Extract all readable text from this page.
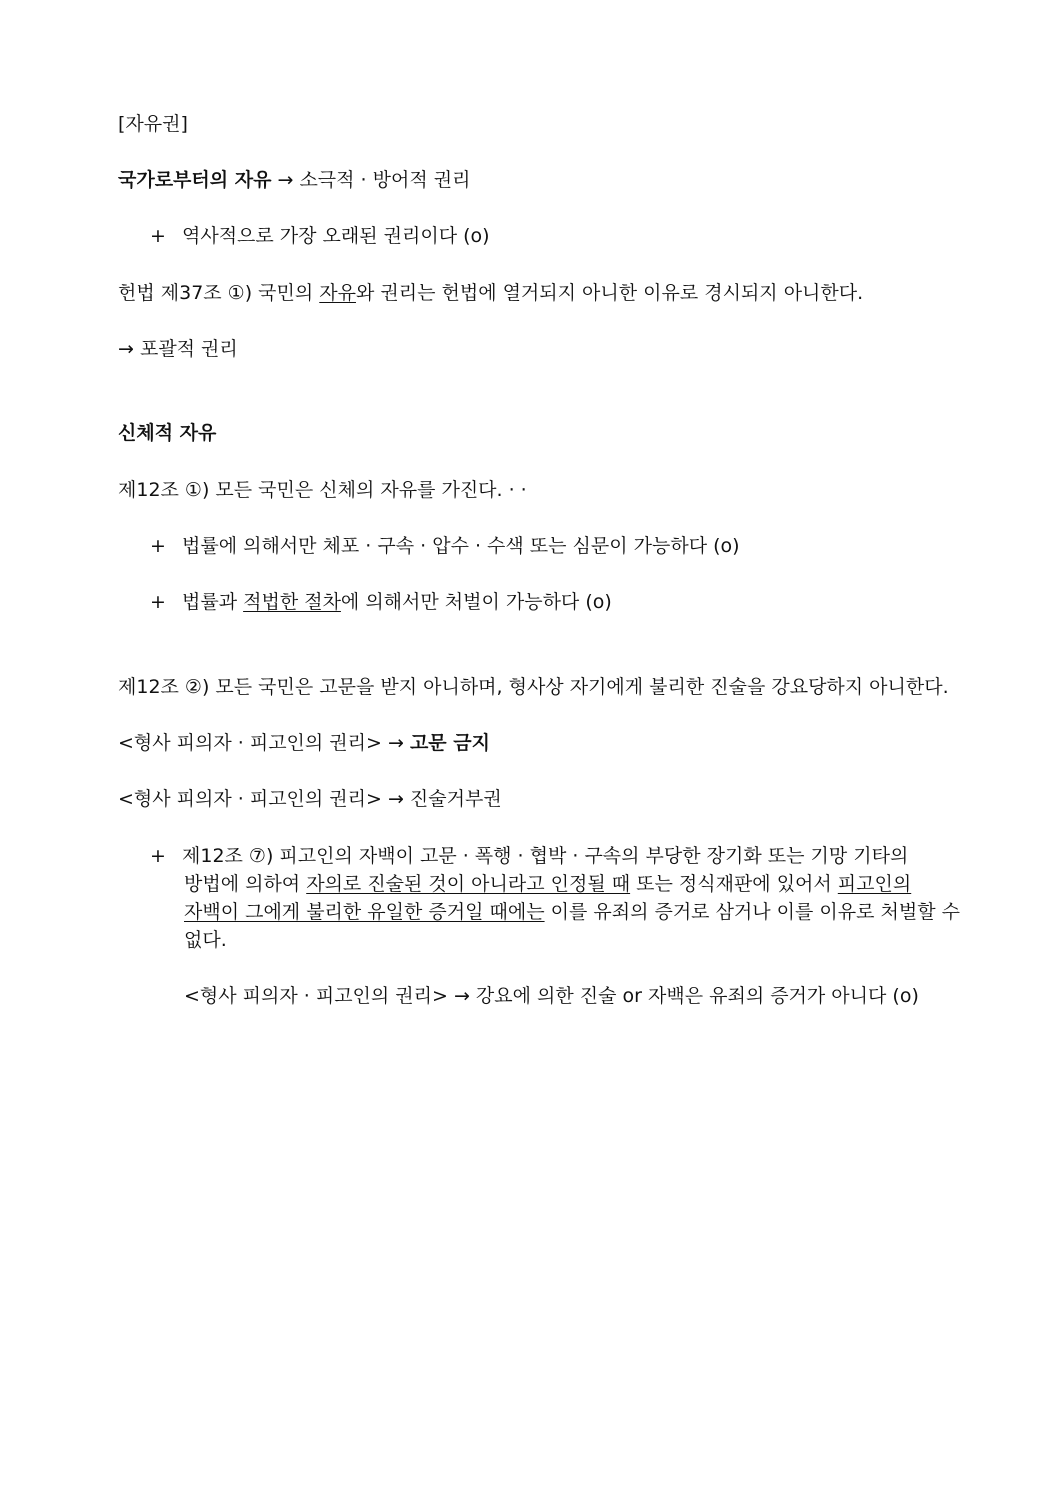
[자유권]
국가로부터의 자유 → 소극적 · 방어적 권리
+ 역사적으로 가장 오래된 권리이다 (o)
헌법 제37조 ①) 국민의 자유와 권리는 헌법에 열거되지 아니한 이유로 경시되지 아니한다.
→ 포괄적 권리
신체적 자유
제12조 ①) 모든 국민은 신체의 자유를 가진다. · ·
+ 법률에 의해서만 체포 · 구속 · 압수 · 수색 또는 심문이 가능하다 (o)
+ 법률과 적법한 절차에 의해서만 처벌이 가능하다 (o)
제12조 ②) 모든 국민은 고문을 받지 아니하며, 형사상 자기에게 불리한 진술을 강요당하지 아니한다.
<형사 피의자 · 피고인의 권리> → 고문 금지
<형사 피의자 · 피고인의 권리> → 진술거부권
+ 제12조 ⑦) 피고인의 자백이 고문 · 폭행 · 협박 · 구속의 부당한 장기화 또는 기망 기타의
방법에 의하여 자의로 진술된 것이 아니라고 인정될 때 또는 정식재판에 있어서 피고인의
자백이 그에게 불리한 유일한 증거일 때에는 이를 유죄의 증거로 삼거나 이를 이유로 처벌할 수
없다.
<형사 피의자 · 피고인의 권리> → 강요에 의한 진술 or 자백은 유죄의 증거가 아니다 (o)
